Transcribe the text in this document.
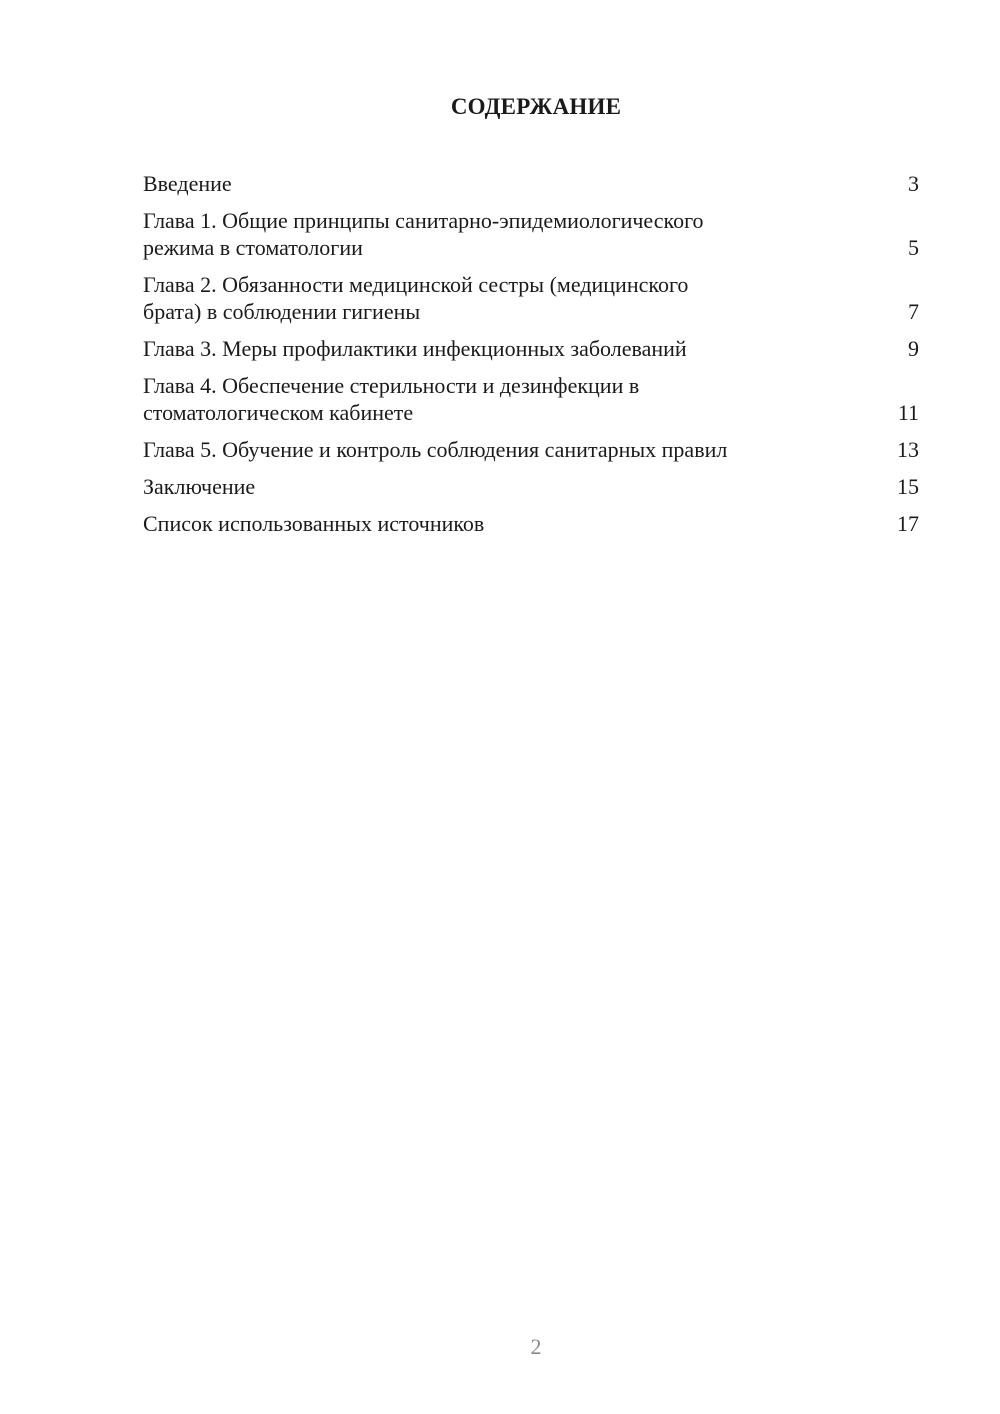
СОДЕРЖАНИЕ
Введение	3
Глава 1. Общие принципы санитарно-эпидемиологического
режима в стоматологии	5
Глава 2. Обязанности медицинской сестры (медицинского
брата) в соблюдении гигиены	7
Глава 3. Меры профилактики инфекционных заболеваний	9
Глава 4. Обеспечение стерильности и дезинфекции в
стоматологическом кабинете	11
Глава 5. Обучение и контроль соблюдения санитарных правил	13
Заключение	15
Список использованных источников	17
2
